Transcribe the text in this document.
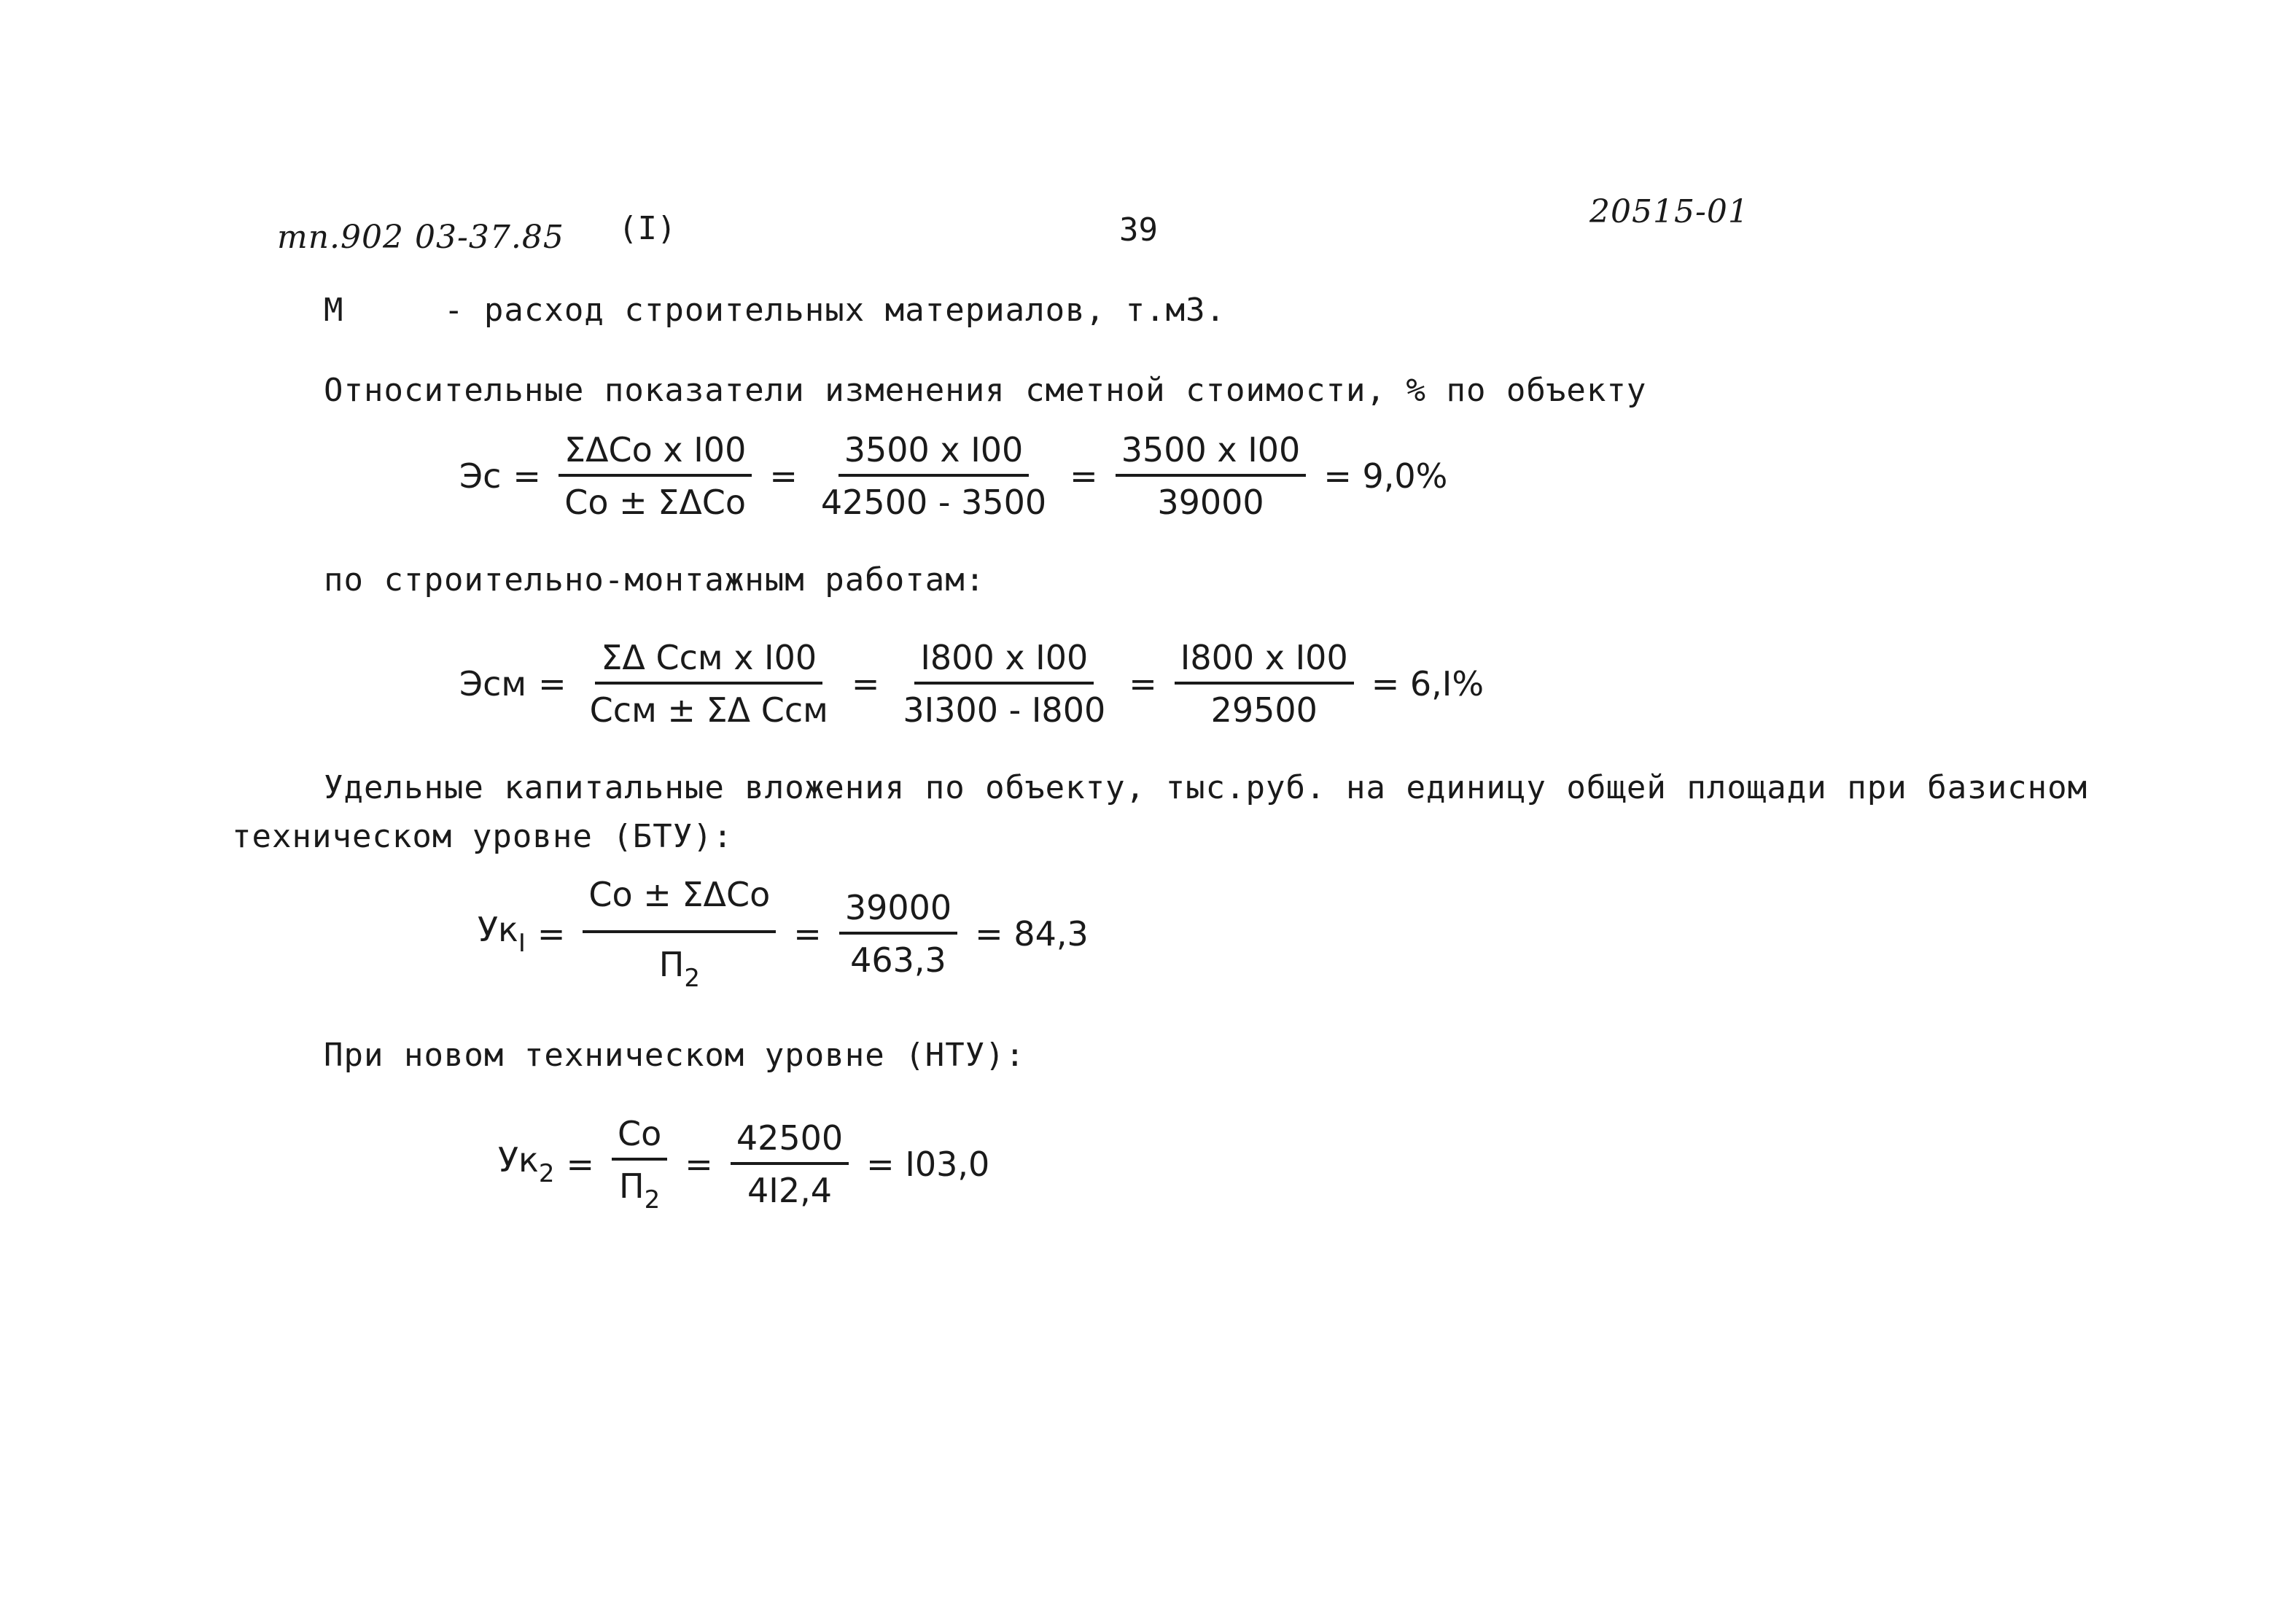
тп.902 03-37.85 (I)	39	20515-01
М     - расход строительных материалов, т.м3.
Относительные показатели изменения сметной стоимости, % по объекту
Эс = $\frac{\text{ΣΔСо х I00}}{\text{Со ± ΣΔСо}} = \frac{\text{3500 х I00}}{42500 - 3500} = \frac{\text{3500 х I00}}{39000} = 9,0\%$
по строительно-монтажным работам:
Эсм = $\frac{\text{ΣΔ Ссм х I00}}{\text{Ссм ± ΣΔ Ссм}} = \frac{\text{I800 х I00}}{3I300 - I800} = \frac{\text{I800 х I00}}{29500} = 6,I\%$
Удельные капитальные вложения по объекту, тыс.руб. на единицу общей площади при базисном
техническом уровне (БТУ):
$Ук_I = \frac{\text{Со ± ΣΔСо}}{П_2} = \frac{39000}{463,3} = 84,3$
При новом техническом уровне (НТУ):
$Ук_2 = \frac{Со}{П_2} = \frac{42500}{4I2,4} = I03,0$
